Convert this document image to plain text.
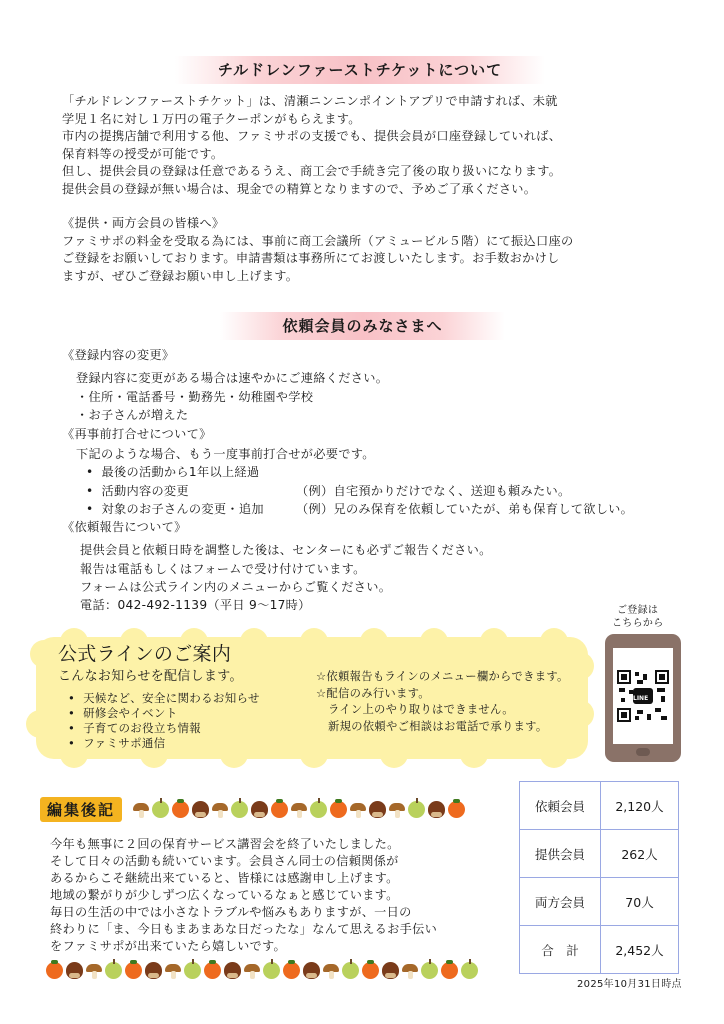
チルドレンファーストチケットについて
「チルドレンファーストチケット」は、清瀬ニンニンポイントアプリで申請すれば、未就
学児１名に対し１万円の電子クーポンがもらえます。
市内の提携店舗で利用する他、ファミサポの支援でも、提供会員が口座登録していれば、
保育料等の授受が可能です。
但し、提供会員の登録は任意であるうえ、商工会で手続き完了後の取り扱いになります。
提供会員の登録が無い場合は、現金での精算となりますので、予めご了承ください。
《提供・両方会員の皆様へ》
ファミサポの料金を受取る為には、事前に商工会議所（アミュービル５階）にて振込口座の
ご登録をお願いしております。申請書類は事務所にてお渡しいたします。お手数おかけし
ますが、ぜひご登録お願い申し上げます。
依頼会員のみなさまへ
《登録内容の変更》
登録内容に変更がある場合は速やかにご連絡ください。
・住所・電話番号・勤務先・幼稚園や学校
・お子さんが増えた
《再事前打合せについて》
下記のような場合、もう一度事前打合せが必要です。
• 最後の活動から1年以上経過
• 活動内容の変更	（例）自宅預かりだけでなく、送迎も頼みたい。
• 対象のお子さんの変更・追加	（例）兄のみ保育を依頼していたが、弟も保育して欲しい。
《依頼報告について》
提供会員と依頼日時を調整した後は、センターにも必ずご報告ください。
報告は電話もしくはフォームで受け付けています。
フォームは公式ライン内のメニューからご覧ください。
電話：042-492-1139（平日 9～17時）
公式ラインのご案内
こんなお知らせを配信します。
• 天候など、安全に関わるお知らせ
• 研修会やイベント
• 子育てのお役立ち情報
• ファミサポ通信
☆依頼報告もラインのメニュー欄からできます。
☆配信のみ行います。
ライン上のやり取りはできません。
新規の依頼やご相談はお電話で承ります。
ご登録は
こちらから
LINE
編集後記
今年も無事に２回の保育サービス講習会を終了いたしました。
そして日々の活動も続いています。会員さん同士の信頼関係が
あるからこそ継続出来ていると、皆様には感謝申し上げます。
地域の繋がりが少しずつ広くなっているなぁと感じています。
毎日の生活の中では小さなトラブルや悩みもありますが、一日の
終わりに「ま、今日もまあまあな日だったな」なんて思えるお手伝い
をファミサポが出来ていたら嬉しいです。
依頼会員	2,120人
提供会員	262人
両方会員	70人
合　計	2,452人
2025年10月31日時点
